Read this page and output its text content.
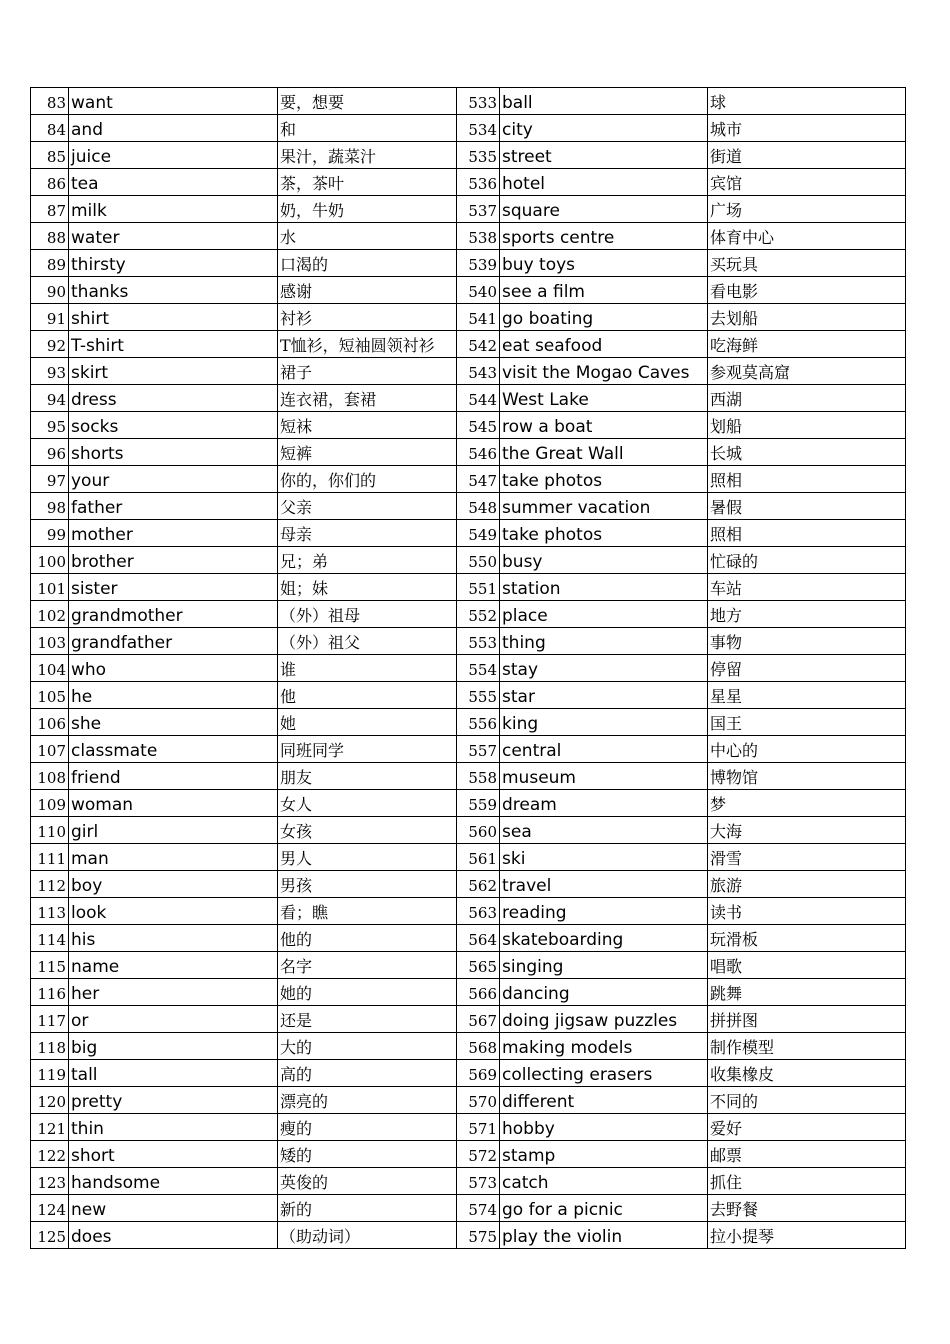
83	want	要，想要	533	ball	球
84	and	和	534	city	城市
85	juice	果汁，蔬菜汁	535	street	街道
86	tea	茶，茶叶	536	hotel	宾馆
87	milk	奶，牛奶	537	square	广场
88	water	水	538	sports centre	体育中心
89	thirsty	口渴的	539	buy toys	买玩具
90	thanks	感谢	540	see a film	看电影
91	shirt	衬衫	541	go boating	去划船
92	T-shirt	T恤衫，短袖圆领衬衫	542	eat seafood	吃海鲜
93	skirt	裙子	543	visit the Mogao Caves	参观莫高窟
94	dress	连衣裙，套裙	544	West Lake	西湖
95	socks	短袜	545	row a boat	划船
96	shorts	短裤	546	the Great Wall	长城
97	your	你的，你们的	547	take photos	照相
98	father	父亲	548	summer vacation	暑假
99	mother	母亲	549	take photos	照相
100	brother	兄；弟	550	busy	忙碌的
101	sister	姐；妹	551	station	车站
102	grandmother	（外）祖母	552	place	地方
103	grandfather	（外）祖父	553	thing	事物
104	who	谁	554	stay	停留
105	he	他	555	star	星星
106	she	她	556	king	国王
107	classmate	同班同学	557	central	中心的
108	friend	朋友	558	museum	博物馆
109	woman	女人	559	dream	梦
110	girl	女孩	560	sea	大海
111	man	男人	561	ski	滑雪
112	boy	男孩	562	travel	旅游
113	look	看；瞧	563	reading	读书
114	his	他的	564	skateboarding	玩滑板
115	name	名字	565	singing	唱歌
116	her	她的	566	dancing	跳舞
117	or	还是	567	doing jigsaw puzzles	拼拼图
118	big	大的	568	making models	制作模型
119	tall	高的	569	collecting erasers	收集橡皮
120	pretty	漂亮的	570	different	不同的
121	thin	瘦的	571	hobby	爱好
122	short	矮的	572	stamp	邮票
123	handsome	英俊的	573	catch	抓住
124	new	新的	574	go for a picnic	去野餐
125	does	（助动词）	575	play the violin	拉小提琴
